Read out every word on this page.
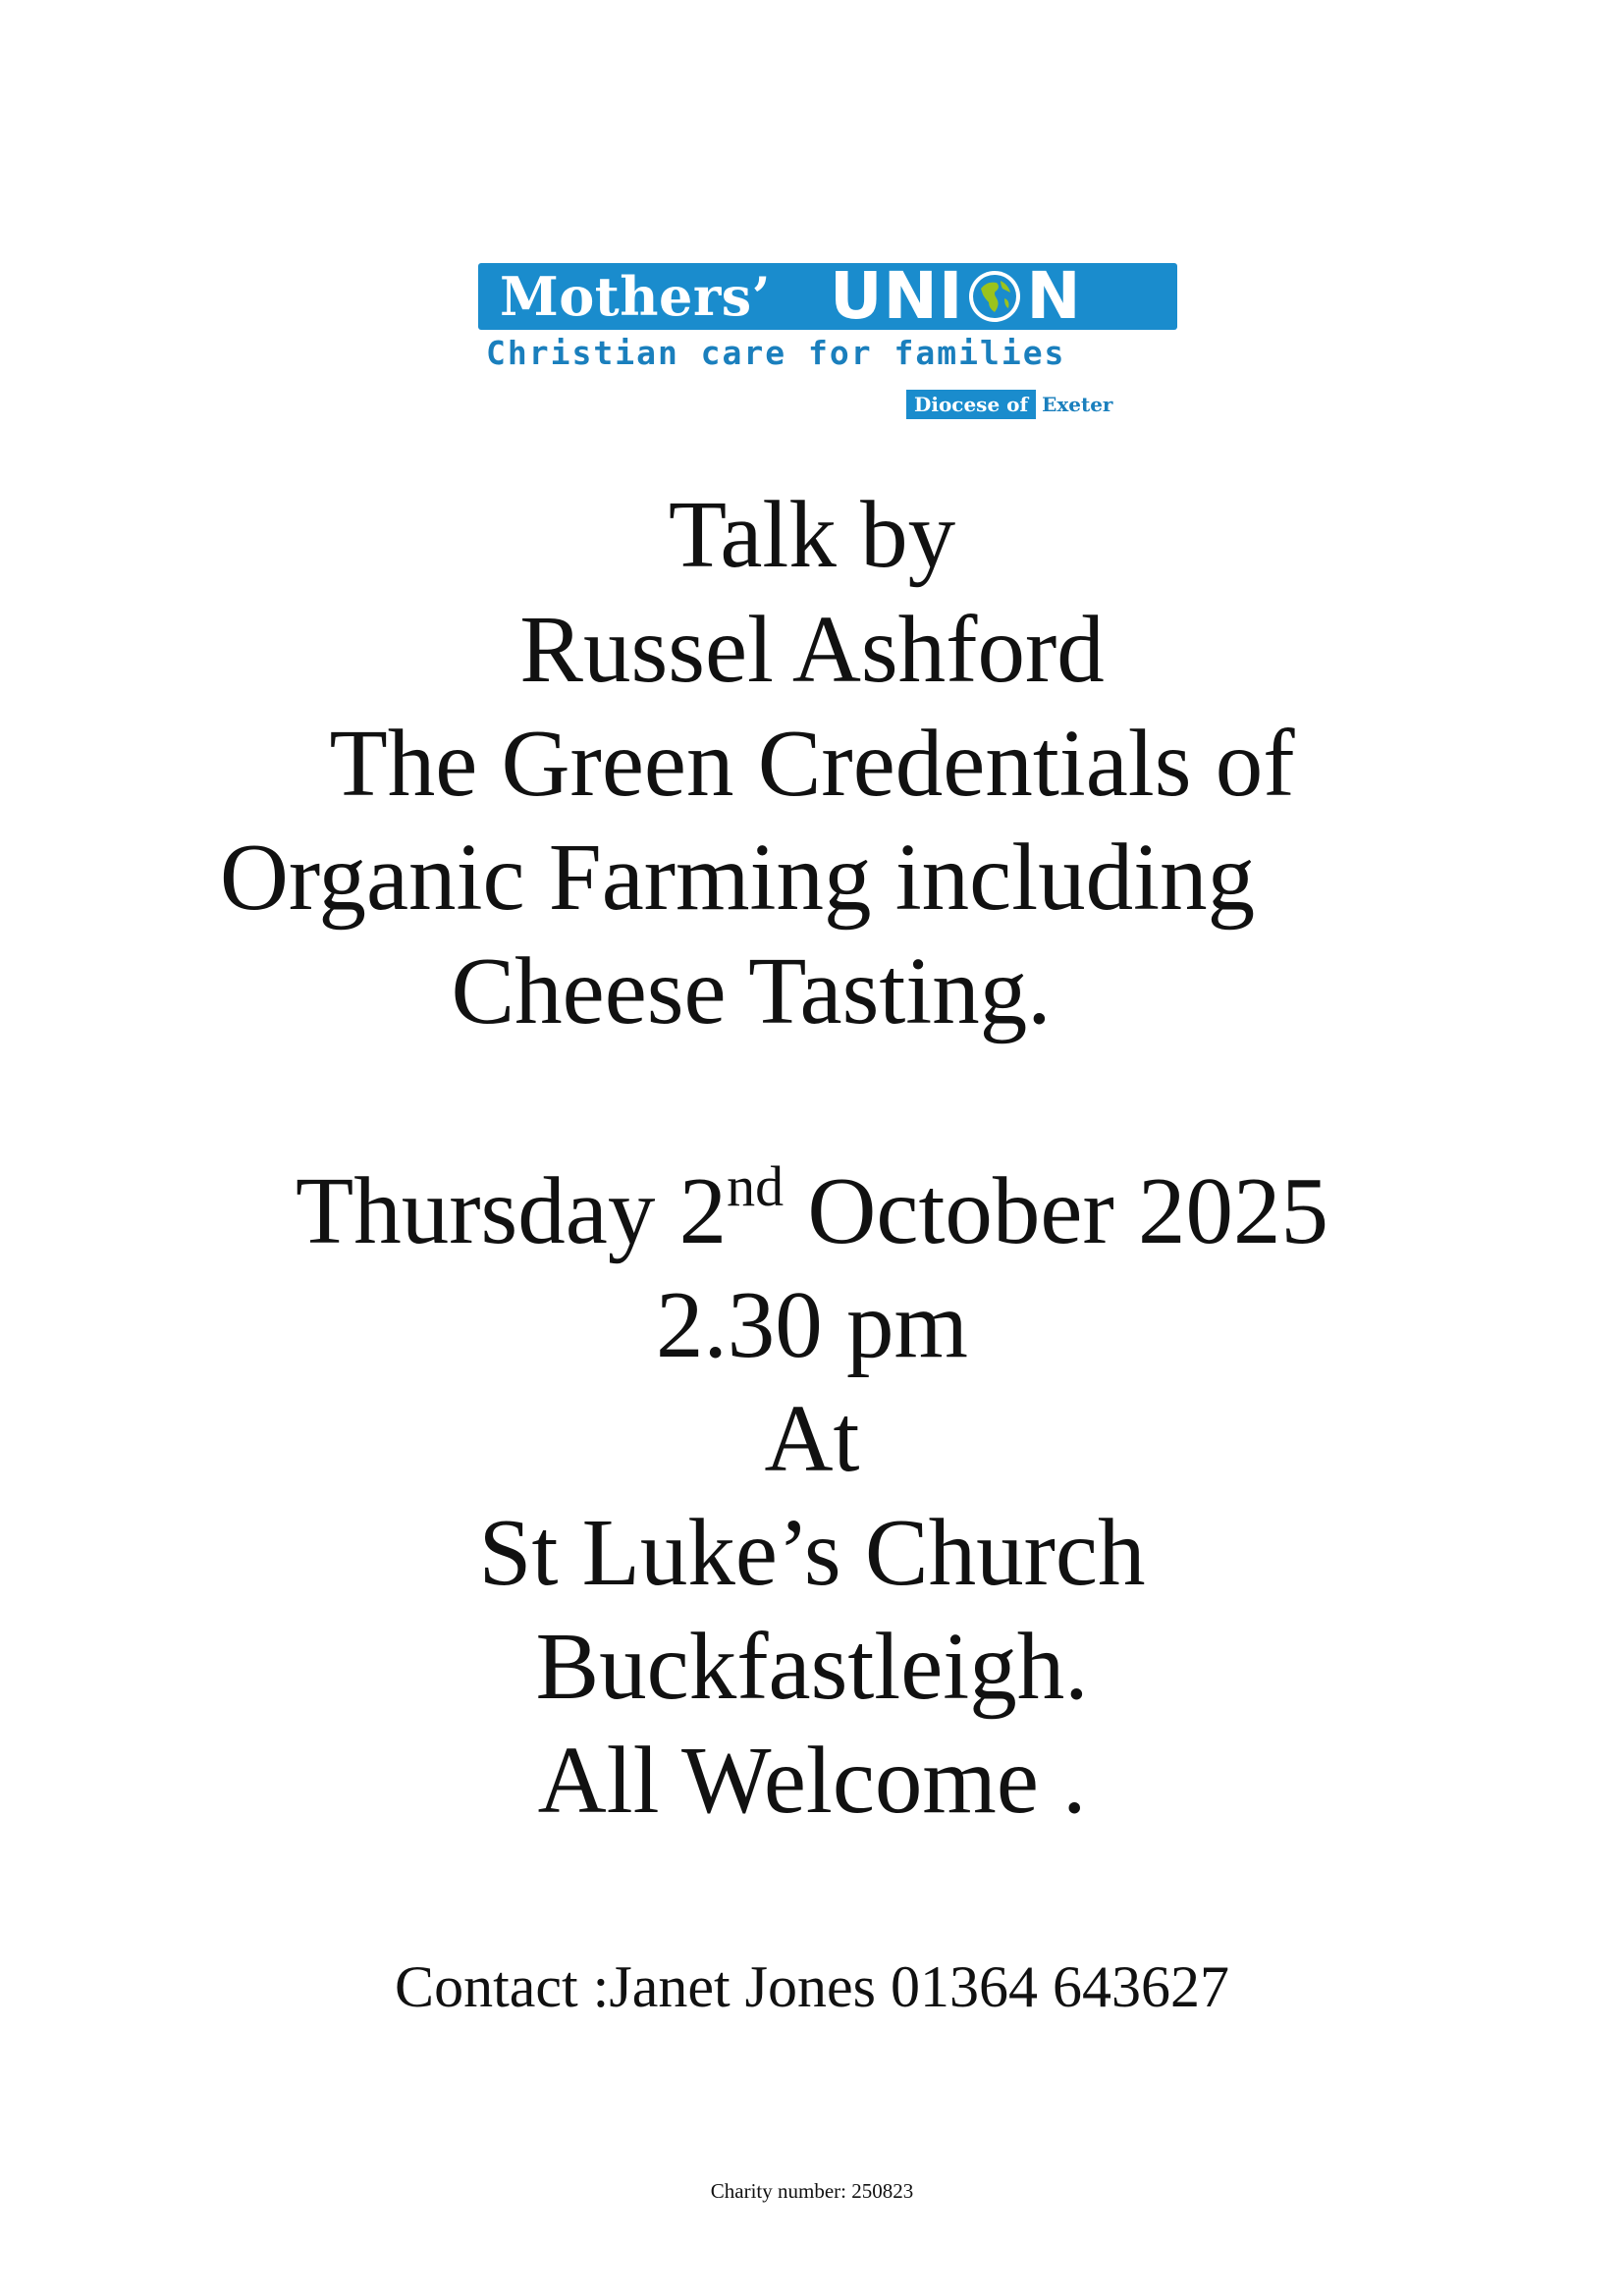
Mothers’ UNI N
Christian care for families
Diocese of Exeter
Talk by
Russel Ashford
The Green Credentials of
Organic Farming including
Cheese Tasting.
Thursday 2nd October 2025
2.30 pm
At
St Luke’s Church
Buckfastleigh.
All Welcome .
Contact :Janet Jones 01364 643627
Charity number: 250823
